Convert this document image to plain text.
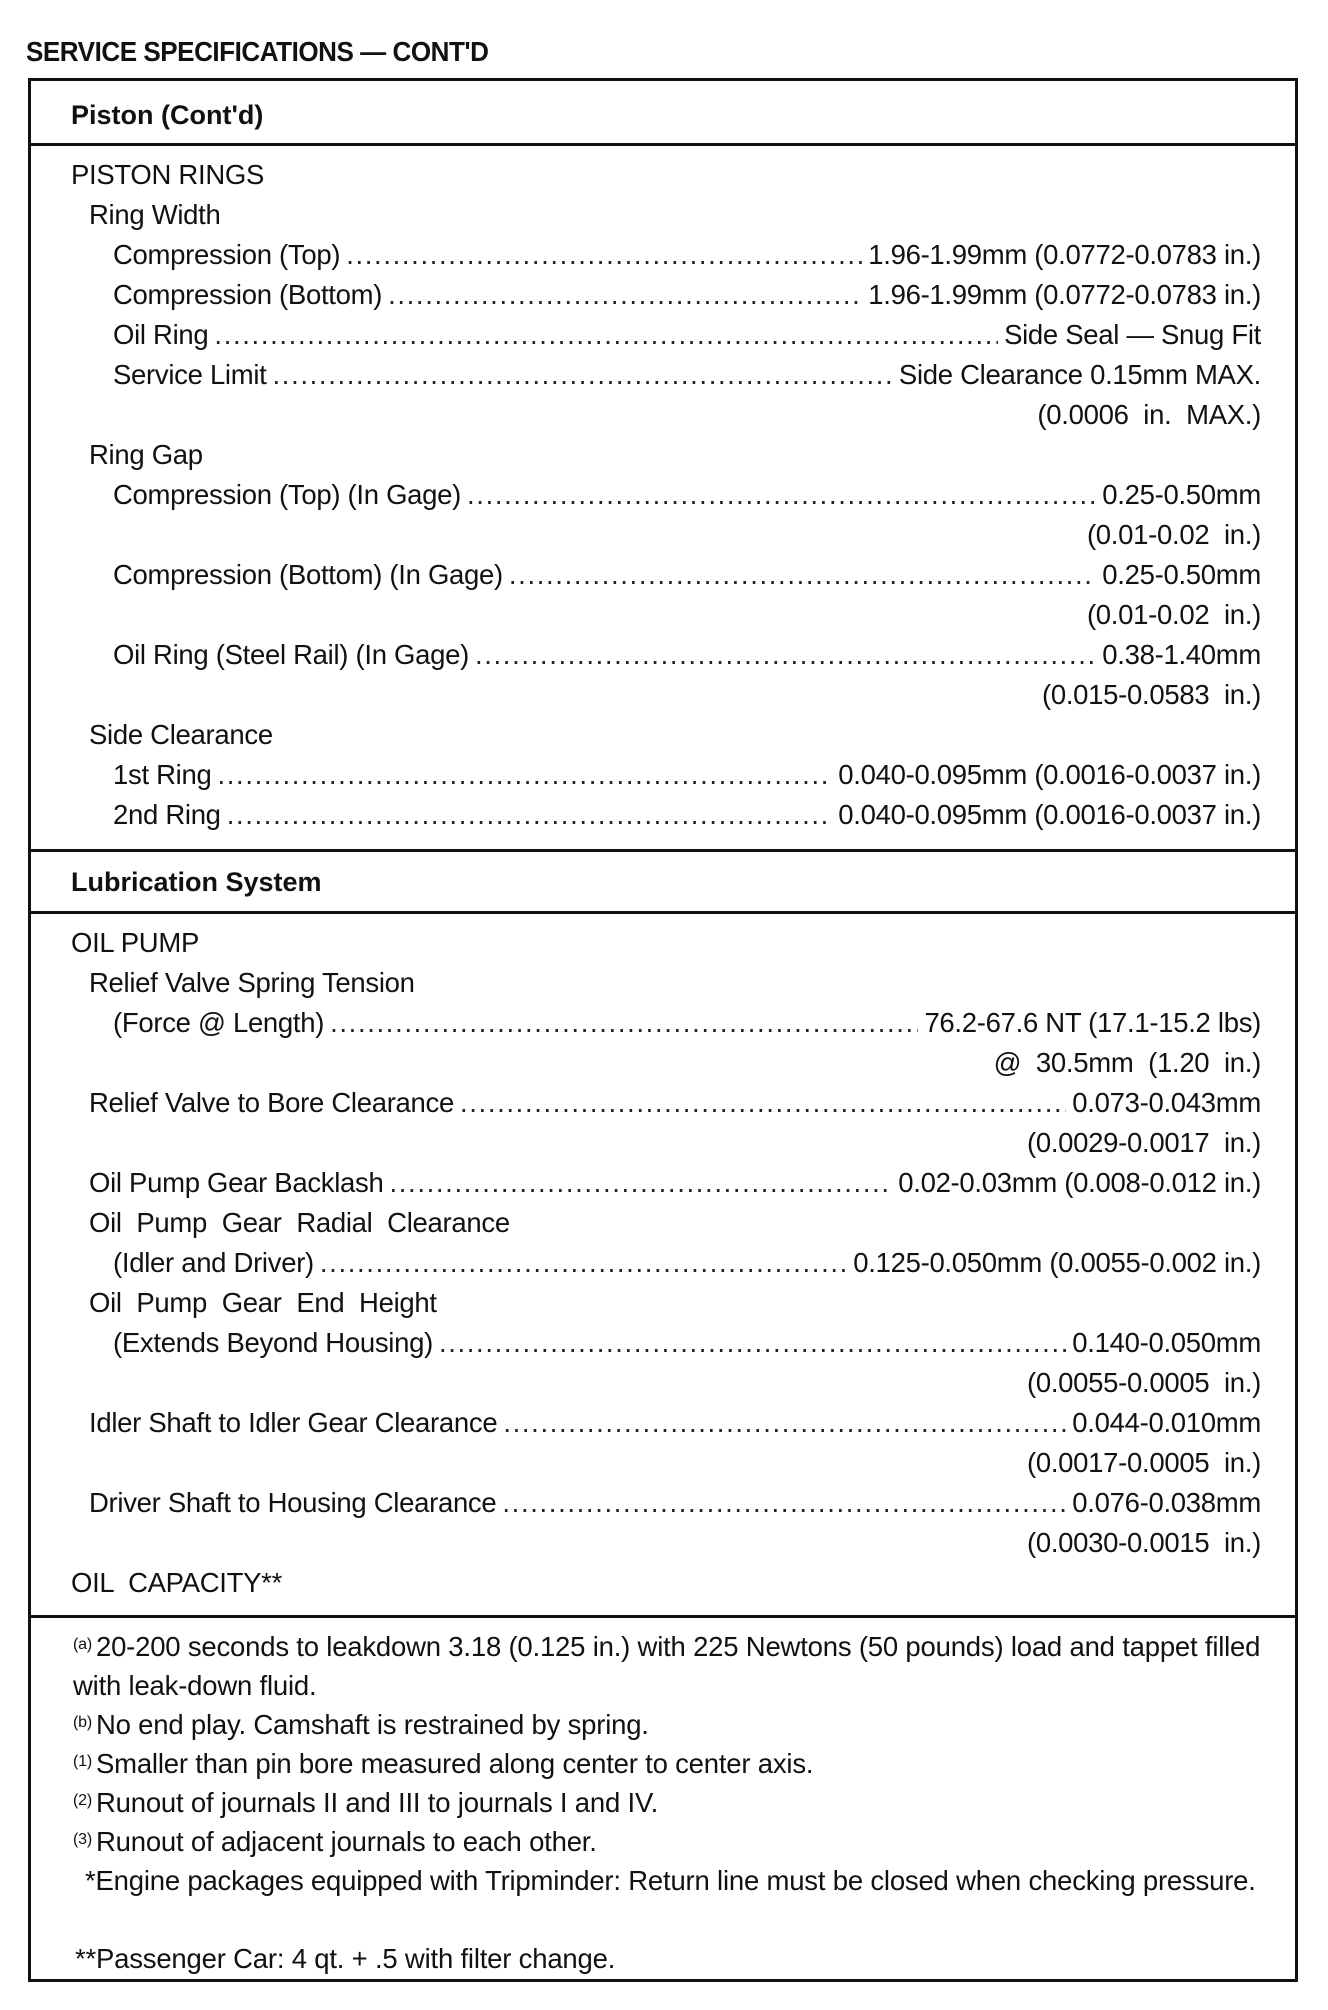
SERVICE SPECIFICATIONS — CONT'D
Piston (Cont'd)
PISTON RINGS
Ring Width
Compression (Top) . . .	1.96-1.99mm (0.0772-0.0783 in.)
Compression (Bottom) . . .	1.96-1.99mm (0.0772-0.0783 in.)
Oil Ring . . .	Side Seal — Snug Fit
Service Limit . . .	Side Clearance 0.15mm MAX.
(0.0006  in.  MAX.)
Ring Gap
Compression (Top) (In Gage) . . .	0.25-0.50mm
(0.01-0.02  in.)
Compression (Bottom) (In Gage) . . .	0.25-0.50mm
(0.01-0.02  in.)
Oil Ring (Steel Rail) (In Gage) . . .	0.38-1.40mm
(0.015-0.0583  in.)
Side Clearance
1st Ring . . .	0.040-0.095mm (0.0016-0.0037 in.)
2nd Ring . . .	0.040-0.095mm (0.0016-0.0037 in.)
Lubrication System
OIL PUMP
Relief Valve Spring Tension
(Force @ Length) . . .	76.2-67.6 NT (17.1-15.2 lbs)
@  30.5mm  (1.20  in.)
Relief Valve to Bore Clearance . . .	0.073-0.043mm
(0.0029-0.0017  in.)
Oil Pump Gear Backlash . . .	0.02-0.03mm (0.008-0.012 in.)
Oil  Pump  Gear  Radial  Clearance
(Idler and Driver) . . .	0.125-0.050mm (0.0055-0.002 in.)
Oil  Pump  Gear  End  Height
(Extends Beyond Housing) . . .	0.140-0.050mm
(0.0055-0.0005  in.)
Idler Shaft to Idler Gear Clearance . . .	0.044-0.010mm
(0.0017-0.0005  in.)
Driver Shaft to Housing Clearance . . .	0.076-0.038mm
(0.0030-0.0015  in.)
OIL  CAPACITY**
$^{(a)}$ 20-200 seconds to leakdown 3.18 (0.125 in.) with 225 Newtons (50 pounds) load and tappet filled with leak-down fluid.
$^{(b)}$ No end play. Camshaft is restrained by spring.
$^{(1)}$ Smaller than pin bore measured along center to center axis.
$^{(2)}$ Runout of journals II and III to journals I and IV.
$^{(3)}$ Runout of adjacent journals to each other.
*Engine packages equipped with Tripminder: Return line must be closed when checking pressure.
**Passenger Car: 4 qt. + .5 with filter change.
